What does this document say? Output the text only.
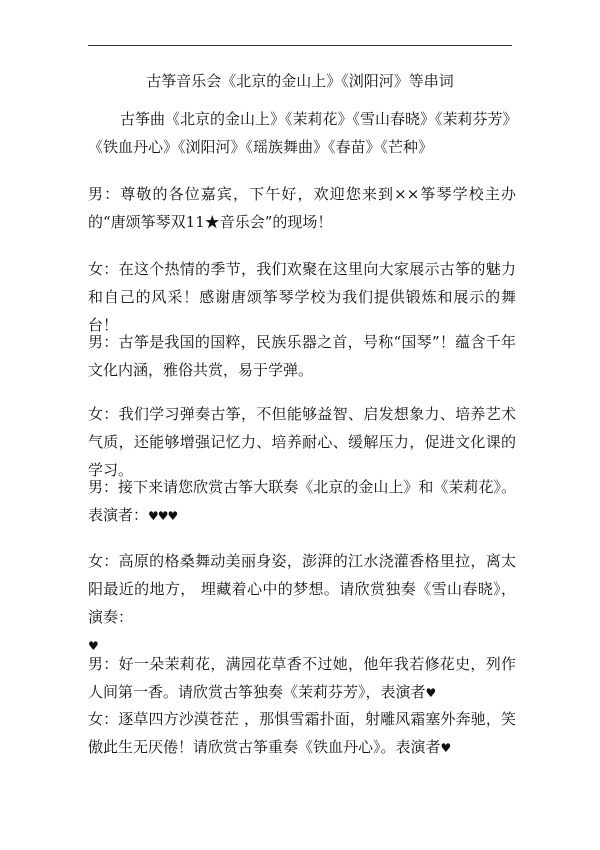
古筝音乐会《北京的金山上》《浏阳河》等串词
古筝曲《北京的金山上》《茉莉花》《雪山春晓》《茉莉芬芳》
《铁血丹心》《浏阳河》《瑶族舞曲》《春苗》《芒种》
男：尊敬的各位嘉宾，下午好，欢迎您来到××筝琴学校主办的“唐颂筝琴双11★音乐会”的现场！
女：在这个热情的季节，我们欢聚在这里向大家展示古筝的魅力和自己的风采！感谢唐颂筝琴学校为我们提供锻炼和展示的舞台！
男：古筝是我国的国粹，民族乐器之首，号称“国琴”！蕴含千年文化内涵，雅俗共赏，易于学弹。
女：我们学习弹奏古筝，不但能够益智、启发想象力、培养艺术气质，还能够增强记忆力、培养耐心、缓解压力，促进文化课的学习。
男：接下来请您欣赏古筝大联奏《北京的金山上》和《茉莉花》。表演者：♥♥♥
女：高原的格桑舞动美丽身姿，澎湃的江水浇灌香格里拉，离太阳最近的地方， 埋藏着心中的梦想。请欣赏独奏《雪山春晓》，演奏：
♥
男：好一朵茉莉花，满园花草香不过她，他年我若修花史，列作人间第一香。请欣赏古筝独奏《茉莉芬芳》，表演者♥
女：逐草四方沙漠苍茫 ，那惧雪霜扑面，射雕风霜塞外奔驰，笑傲此生无厌倦！请欣赏古筝重奏《铁血丹心》。表演者♥
